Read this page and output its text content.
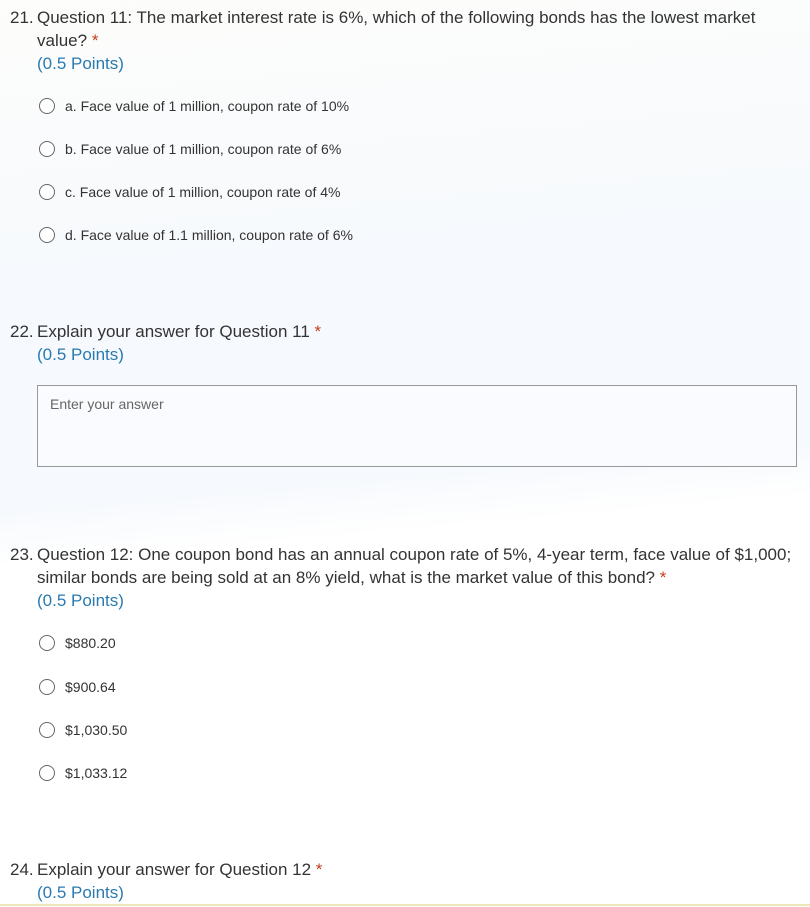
21. Question 11: The market interest rate is 6%, which of the following bonds has the lowest market value? *
(0.5 Points)
a. Face value of 1 million, coupon rate of 10%
b. Face value of 1 million, coupon rate of 6%
c. Face value of 1 million, coupon rate of 4%
d. Face value of 1.1 million, coupon rate of 6%
22. Explain your answer for Question 11 *
(0.5 Points)
Enter your answer
23. Question 12: One coupon bond has an annual coupon rate of 5%, 4-year term, face value of $1,000; similar bonds are being sold at an 8% yield, what is the market value of this bond? *
(0.5 Points)
$880.20
$900.64
$1,030.50
$1,033.12
24. Explain your answer for Question 12 *
(0.5 Points)
